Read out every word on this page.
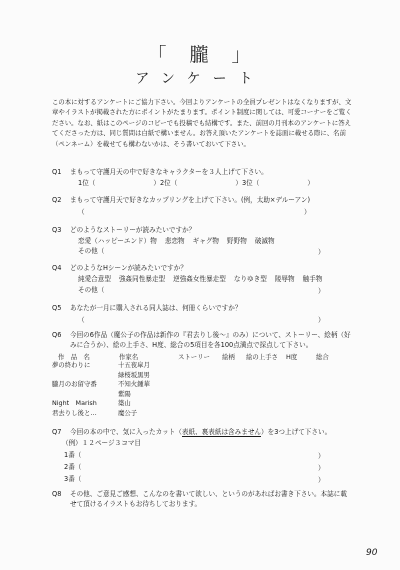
「　朧　」
アンケート
この本に対するアンケートにご協力下さい。今回よりアンケートの全員プレゼントはなくなりますが、文章やイラストが掲載された方にポイントがたまります。ポイント制度に関しては、可愛コーナーをご覧ください。なお、紙はこのページのコピーでも投稿でも結構です。また、前回の月刊本のアンケートに答えてくださった方は、同じ質問は白紙で構いません。お答え頂いたアンケートを誌面に載せる際に、名前（ペンネーム）を載せても構わないかは、そう書いておいて下さい。
Q1 まもって守護月天の中で好きなキャラクターを３人上げて下さい。
1位（	）2位（	）3位（	）
Q2 まもって守護月天で好きなカップリングを上げて下さい。(例，太助×デルーアン)
（	）
Q3 どのようなストーリーが読みたいですか？
恋愛（ハッピーエンド）物 悲恋物 ギャグ物 野野物 破滅物
その他（	）
Q4 どのようなHシーンが読みたいですか？
純愛合意型 強姦同性暴走型 逆強姦女性暴走型 なりゆき型 陵辱物 触手物
その他（	）
Q5 あなたが一月に購入される同人誌は、何冊くらいですか？
（	）
Q6 今回の6作品（魔公子の作品は新作の『君去りし後～』のみ）について、ストーリー、絵柄（好みに合うか）、絵の上手さ、H度、総合の5項目を各100点満点で採点して下さい。
作　品　名	作家名	ストーリー 絵柄 絵の上手さ H度	総合
夢の終わりに	十五夜皐月
緑桜坂黒男
朧月のお留守番	不知火鍾華
紫陽
Night　Marish	築山
君去りし後と…	魔公子
Q7 今回の本の中で、気に入ったカット（表紙、裏表紙は含みません）を3つ上げて下さい。
（例）１２ページ３コマ目
1番（	）
2番（	）
3番（	）
Q8 その他、ご意見ご感想、こんなのを書いて欲しい、というのがあればお書き下さい。本誌に載せて頂けるイラストもお待ちしております。
90
